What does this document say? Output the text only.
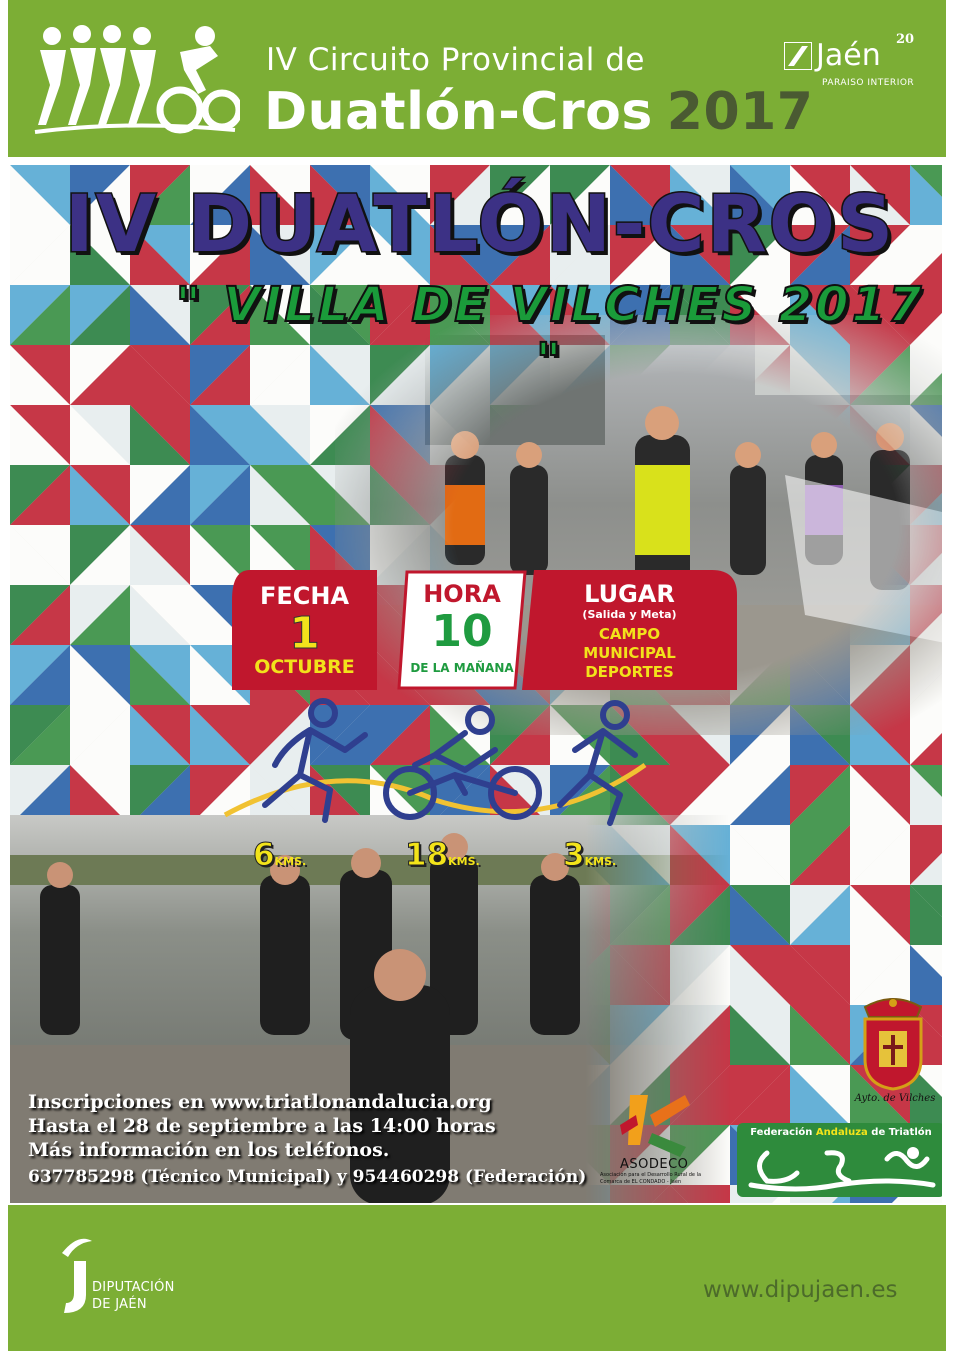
IV Circuito Provincial de
Duatlón-Cros 2017
Jaén 20
PARAISO INTERIOR
IV DUATLÓN-CROS
" VILLA DE VILCHES 2017 "
FECHA
1
OCTUBRE
HORA
10
DE LA MAÑANA
LUGAR
(Salida y Meta)
CAMPO
MUNICIPAL
DEPORTES
6KMS.	18KMS.	3KMS.
Inscripciones en www.triatlonandalucia.org
Hasta el 28 de septiembre a las 14:00 horas
Más información en los teléfonos.
637785298 (Técnico Municipal) y 954460298 (Federación)
ASODECO
Asociación para el Desarrollo Rural de la Comarca de EL CONDADO - Jaén
Ayto. de Vilches
Federación Andaluza de Triatlón
DIPUTACIÓN
DE JAÉN
www.dipujaen.es
